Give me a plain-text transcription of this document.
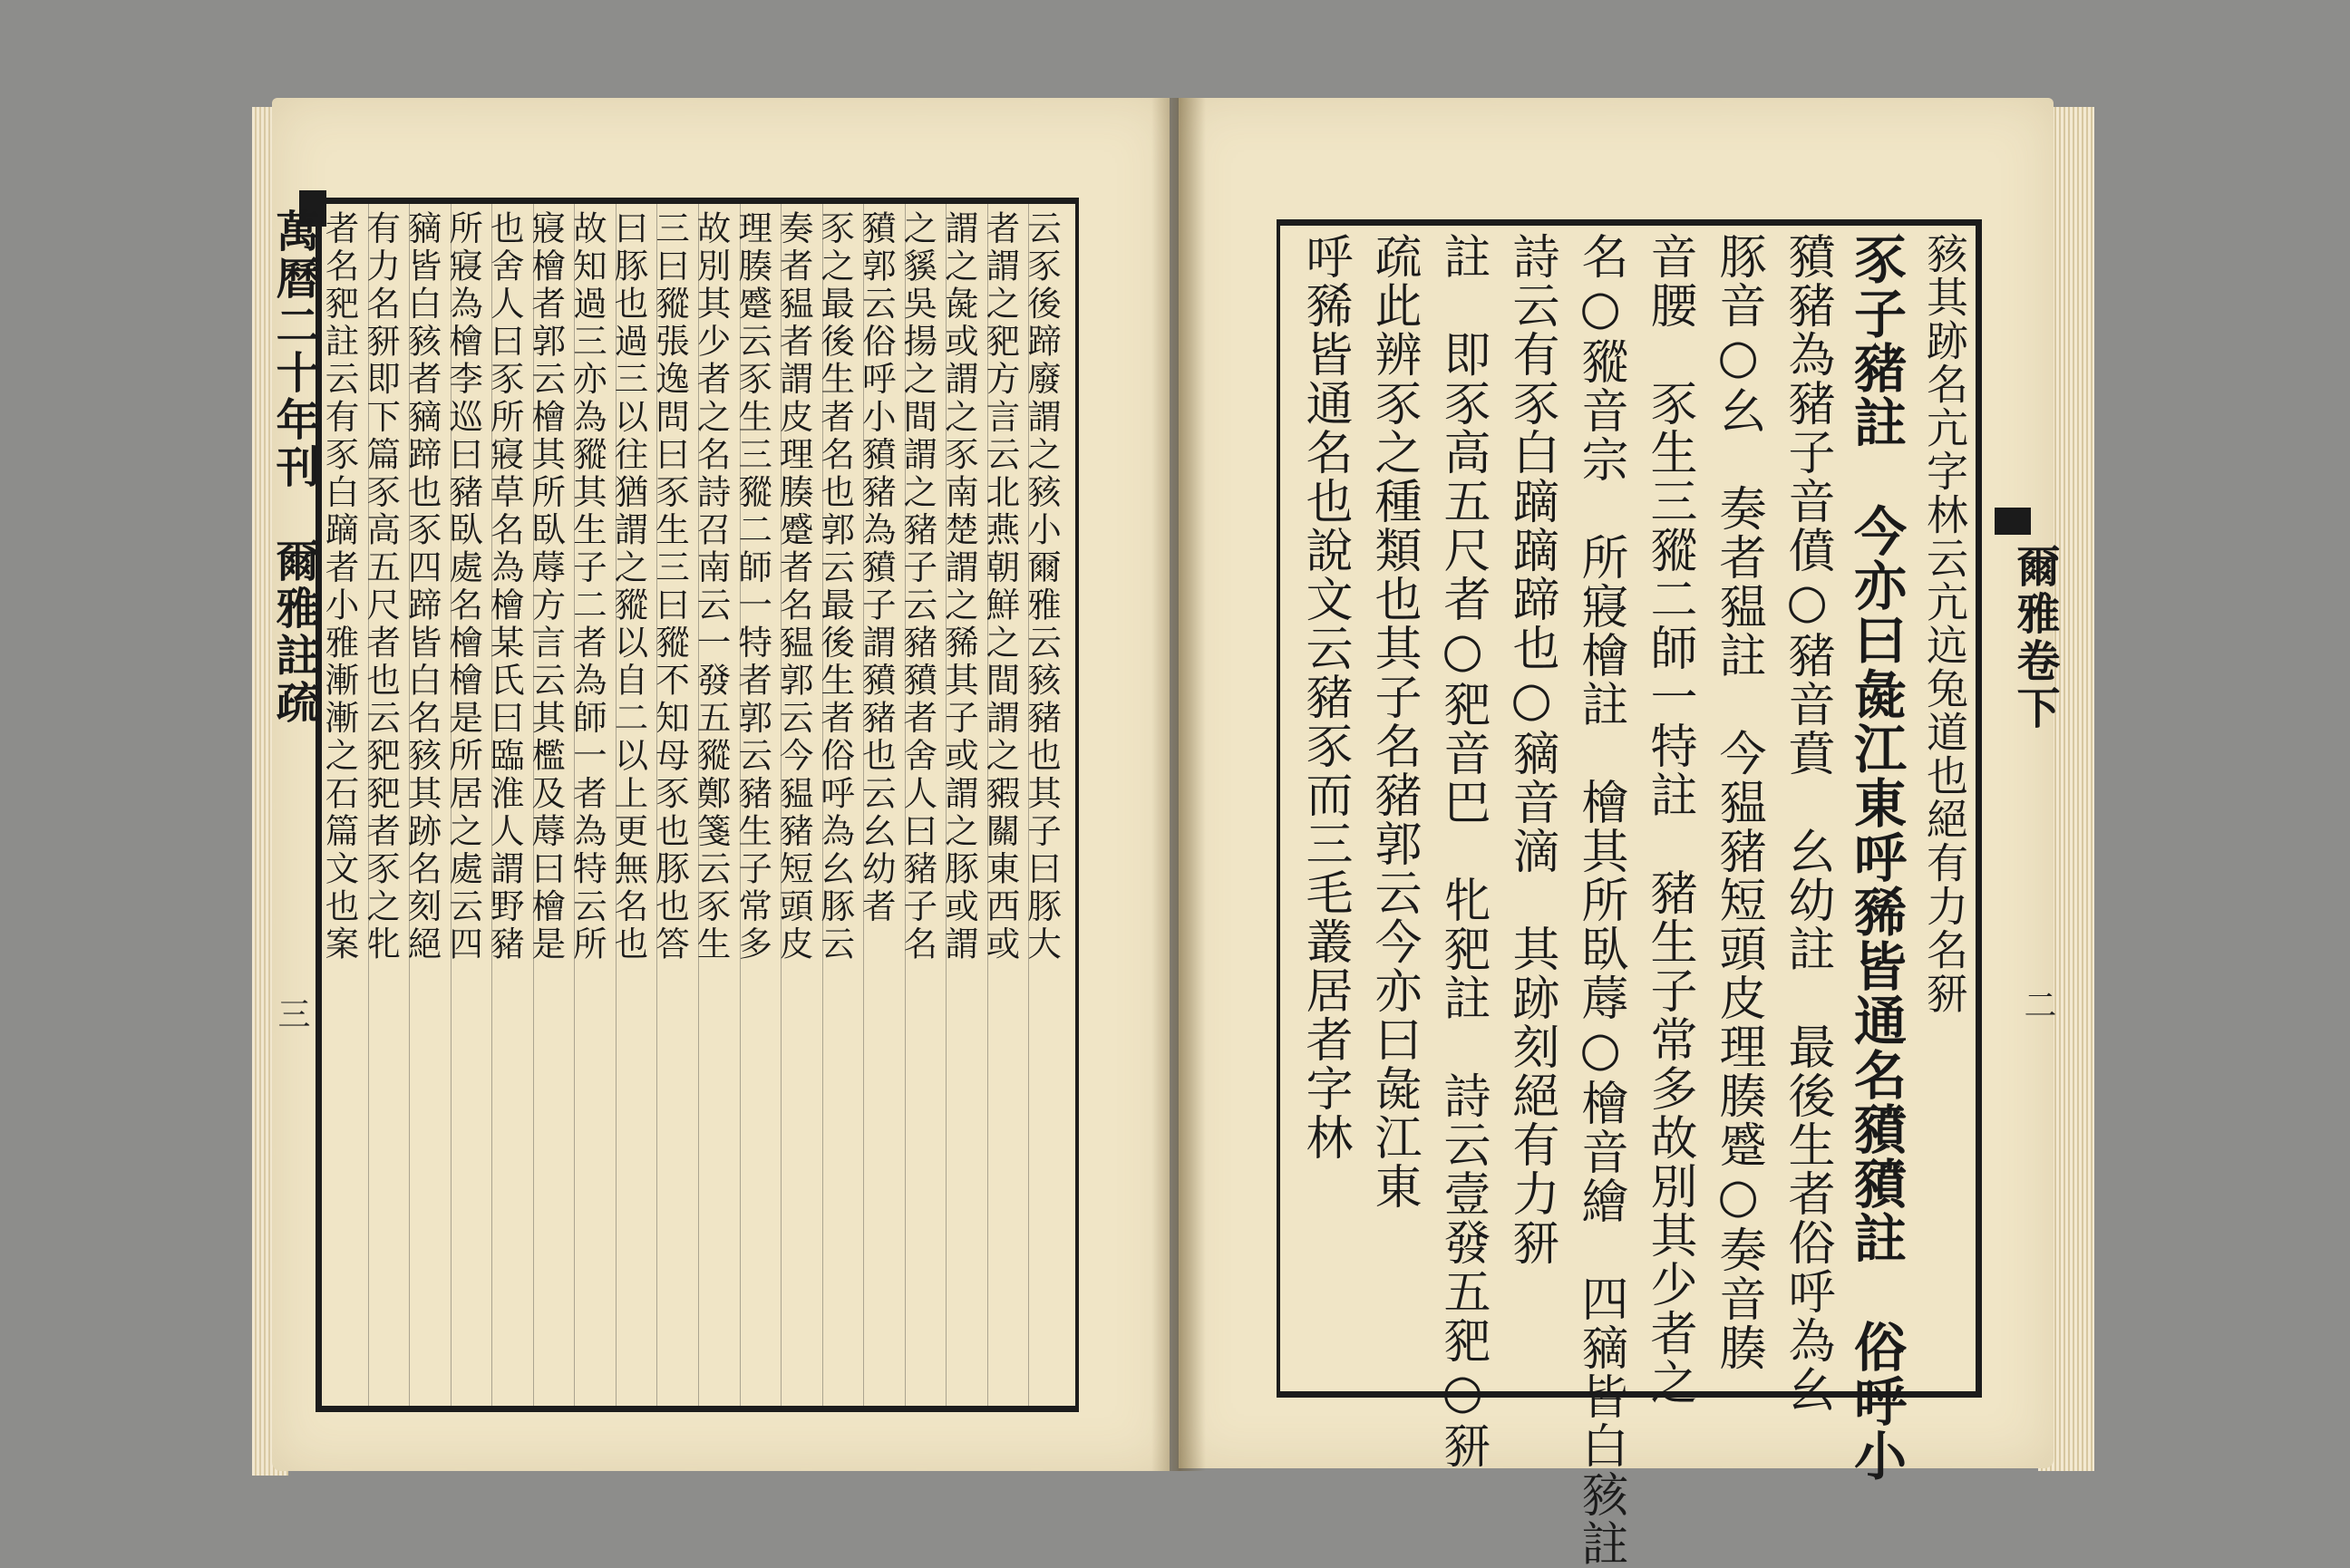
萬曆二十年刊　爾雅註疏
三
云豕後蹄廢謂之豥小爾雅云豥豬也其子曰豚大
者謂之豝方言云北燕朝鮮之間謂之豭關東西或
謂之彘或謂之豕南楚謂之豨其子或謂之豚或謂
之貕吳揚之間謂之豬子云豬豶者舍人曰豬子名
豶郭云俗呼小豶豬為豶子謂豶豬也云幺幼者
豕之最後生者名也郭云最後生者俗呼為幺豚云
奏者豱者謂皮理腠蹙者名豱郭云今豱豬短頭皮
理腠蹙云豕生三豵二師一特者郭云豬生子常多
故別其少者之名詩召南云一發五豵鄭箋云豕生
三曰豵張逸問曰豕生三曰豵不知母豕也豚也答
曰豚也過三以往猶謂之豵以自二以上更無名也
故知過三亦為豵其生子二者為師一者為特云所
寢檜者郭云檜其所臥蓐方言云其檻及蓐曰檜是
也舍人曰豕所寢草名為檜某氏曰臨淮人謂野豬
所寢為檜李巡曰豬臥處名檜檜是所居之處云四
豴皆白豥者豴蹄也豕四蹄皆白名豥其跡名刻絕
有力名豜即下篇豕高五尺者也云豝豝者豕之牝
者名豝註云有豕白蹢者小雅漸漸之石篇文也案	爾雅卷下
二
豥其跡名亢字林云亢迒兔道也絕有力名豜
豕子豬註　今亦曰彘江東呼豨皆通名豶豶註　俗呼小
豶豬為豬子音僨○豬音賁　幺幼註　最後生者俗呼為幺
豚音○幺　奏者豱註　今豱豬短頭皮理腠蹙○奏音腠
音腰　豕生三豵二師一特註　豬生子常多故別其少者之
名○豵音宗　所寢檜註　檜其所臥蓐○檜音繪　四豴皆白豥註
詩云有豕白蹢蹢蹄也○豴音滴　其跡刻絕有力豜
註　即豕高五尺者○豝音巴　牝豝註　詩云壹發五豝○豜
疏此辨豕之種類也其子名豬郭云今亦曰彘江東
呼豨皆通名也說文云豬豕而三毛叢居者字林
